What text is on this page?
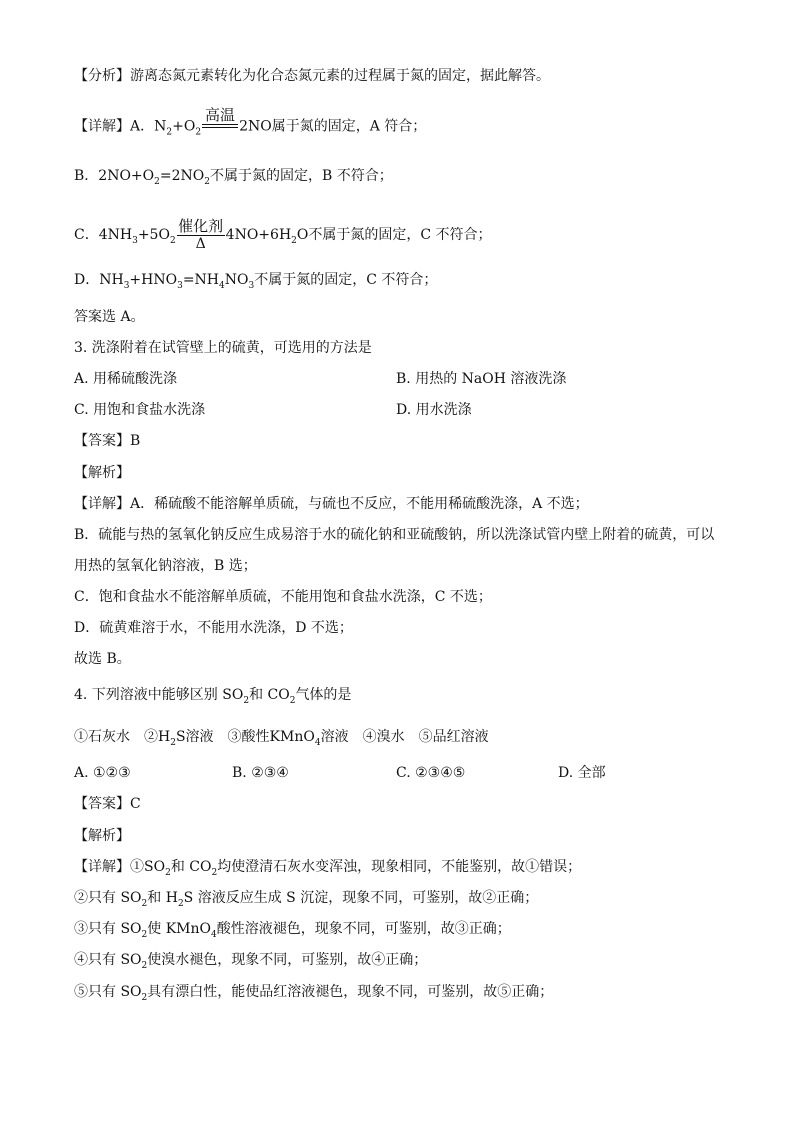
【分析】游离态氮元素转化为化合态氮元素的过程属于氮的固定，据此解答。
【详解】A．$N_2+O_2$
高温
2NO属于氮的固定，A 符合；
B．$2NO+O_2=2NO_2$不属于氮的固定，B 不符合；
C．$4NH_3+5O_2$
催化剂
Δ
$4NO+6H_2O$不属于氮的固定，C 不符合；
D．$NH_3+HNO_3=NH_4NO_3$不属于氮的固定，C 不符合；
答案选 A。
3. 洗涤附着在试管壁上的硫黄，可选用的方法是
A. 用稀硫酸洗涤	B. 用热的 NaOH 溶液洗涤
C. 用饱和食盐水洗涤	D. 用水洗涤
【答案】B
【解析】
【详解】A．稀硫酸不能溶解单质硫，与硫也不反应，不能用稀硫酸洗涤，A 不选；
B．硫能与热的氢氧化钠反应生成易溶于水的硫化钠和亚硫酸钠，所以洗涤试管内壁上附着的硫黄，可以
用热的氢氧化钠溶液，B 选；
C．饱和食盐水不能溶解单质硫，不能用饱和食盐水洗涤，C 不选；
D．硫黄难溶于水，不能用水洗涤，D 不选；
故选 B。
4. 下列溶液中能够区别 $SO_2$和 $CO_2$气体的是
①石灰水　$②H_2S$溶液　③酸性KMnO$_4$溶液　④溴水　⑤品红溶液
A. ①②③	B. ②③④	C. ②③④⑤	D. 全部
【答案】C
【解析】
【详解】$①SO_2$和 $CO_2$均使澄清石灰水变浑浊，现象相同，不能鉴别，故①错误；
②只有 $SO_2$和 $H_2S$ 溶液反应生成 S 沉淀，现象不同，可鉴别，故②正确；
③只有 $SO_2$使 KMnO$_4$酸性溶液褪色，现象不同，可鉴别，故③正确；
④只有 $SO_2$使溴水褪色，现象不同，可鉴别，故④正确；
⑤只有 $SO_2$具有漂白性，能使品红溶液褪色，现象不同，可鉴别，故⑤正确；
